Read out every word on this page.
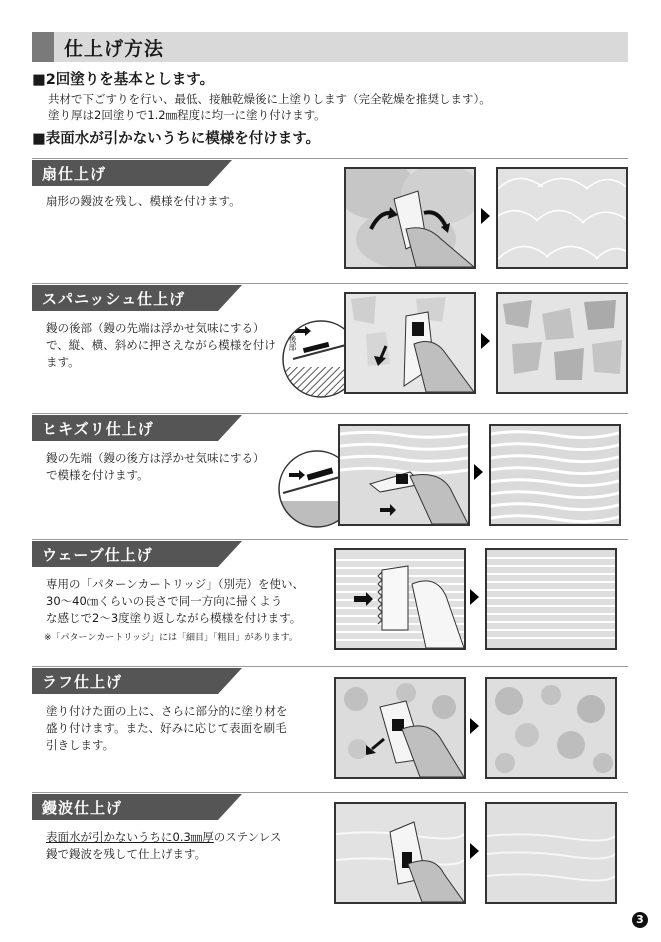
仕上げ方法
■2回塗りを基本とします。
共材で下ごすりを行い、最低、接触乾燥後に上塗りします（完全乾燥を推奨します）。
塗り厚は2回塗りで1.2㎜程度に均一に塗り付けます。
■表面水が引かないうちに模様を付けます。
扇仕上げ
扇形の鏝波を残し、模様を付けます。
スパニッシュ仕上げ
鏝の後部（鏝の先端は浮かせ気味にする）
で、縦、横、斜めに押さえながら模様を付け
ます。
後部
ヒキズリ仕上げ
鏝の先端（鏝の後方は浮かせ気味にする）
で模様を付けます。
ウェーブ仕上げ
専用の「パターンカートリッジ」（別売）を使い、
30～40㎝くらいの長さで同一方向に掃くよう
な感じで2～3度塗り返しながら模様を付けます。
※「パターンカートリッジ」には「細目」「粗目」があります。
ラフ仕上げ
塗り付けた面の上に、さらに部分的に塗り材を
盛り付けます。また、好みに応じて表面を刷毛
引きします。
鏝波仕上げ
表面水が引かないうちに0.3㎜厚のステンレス
鏝で鏝波を残して仕上げます。
3
